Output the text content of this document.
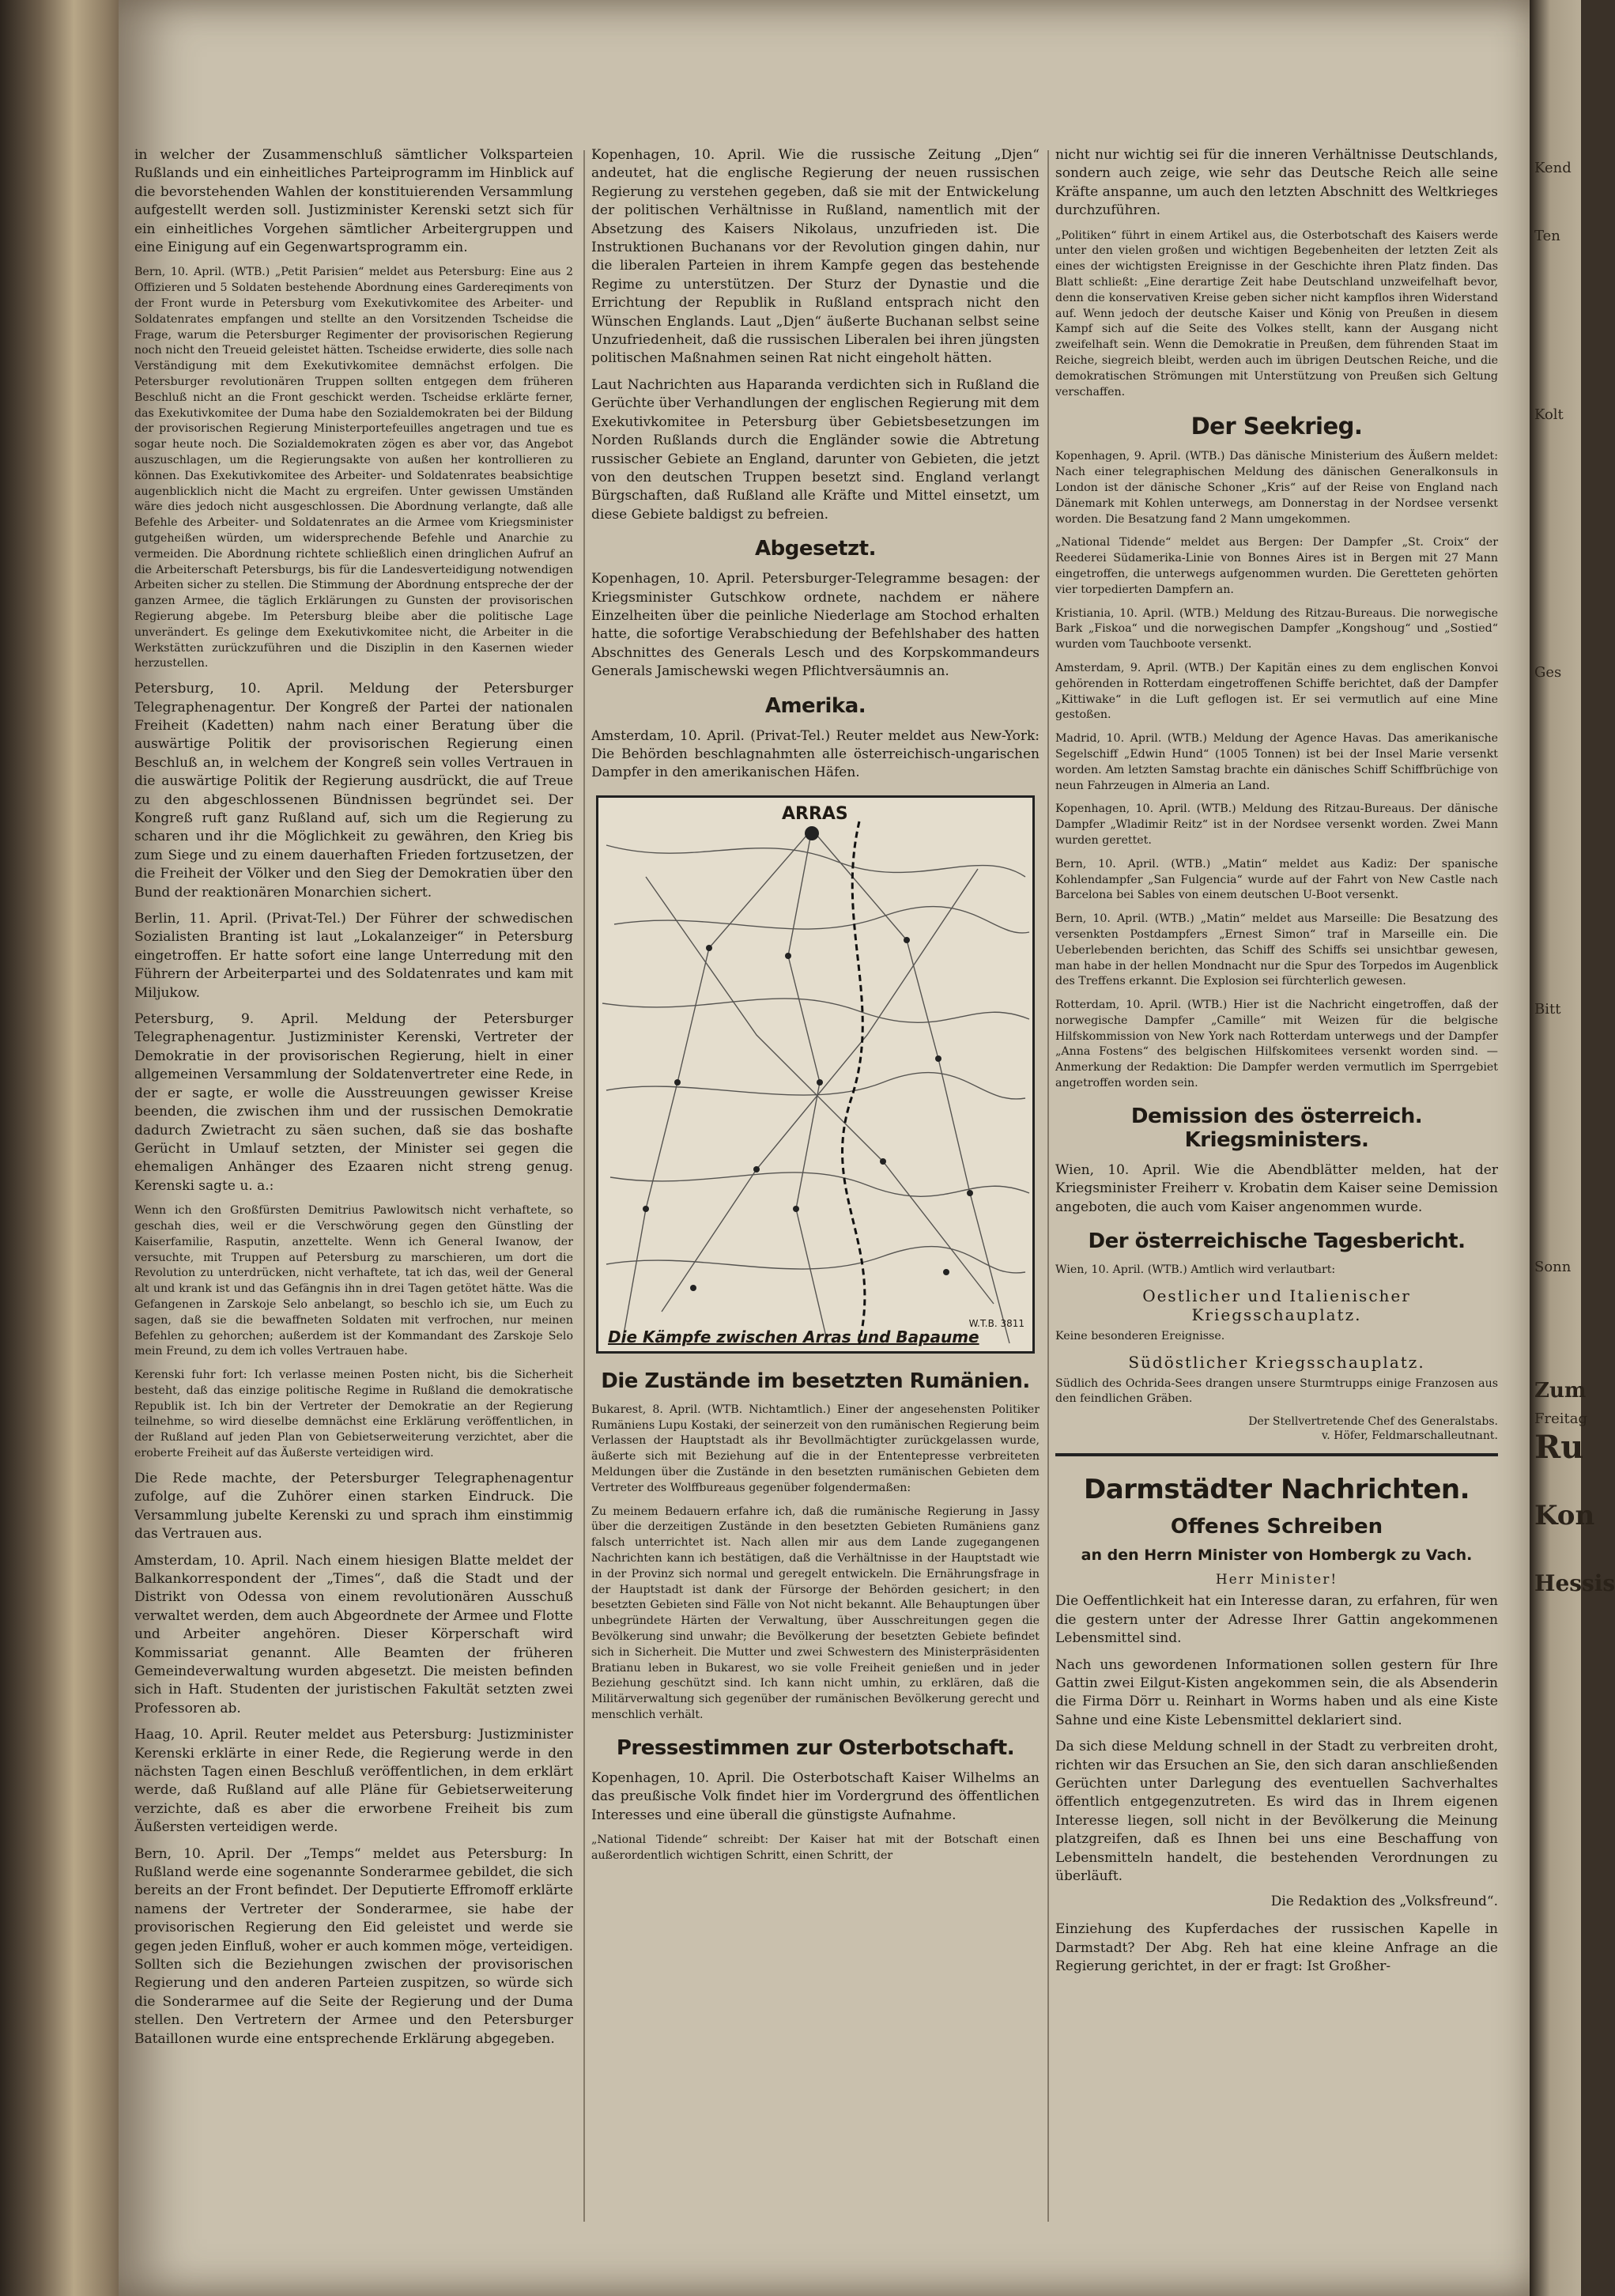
in welcher der Zusammenschluß sämtlicher Volksparteien Rußlands und ein einheitliches Parteiprogramm im Hinblick auf die bevorstehenden Wahlen der konstituierenden Versammlung aufgestellt werden soll. Justizminister Kerenski setzt sich für ein einheitliches Vorgehen sämtlicher Arbeitergruppen und eine Einigung auf ein Gegenwartsprogramm ein.

Bern, 10. April. (WTB.) „Petit Parisien“ meldet aus Petersburg: Eine aus 2 Offizieren und 5 Soldaten bestehende Abordnung eines Gardereqiments von der Front wurde in Petersburg vom Exekutivkomitee des Arbeiter- und Soldatenrates empfangen und stellte an den Vorsitzenden Tscheidse die Frage, warum die Petersburger Regimenter der provisorischen Regierung noch nicht den Treueid geleistet hätten. Tscheidse erwiderte, dies solle nach Verständigung mit dem Exekutivkomitee demnächst erfolgen. Die Petersburger revolutionären Truppen sollten entgegen dem früheren Beschluß nicht an die Front geschickt werden. Tscheidse erklärte ferner, das Exekutivkomitee der Duma habe den Sozialdemokraten bei der Bildung der provisorischen Regierung Ministerportefeuilles angetragen und tue es sogar heute noch. Die Sozialdemokraten zögen es aber vor, das Angebot auszuschlagen, um die Regierungsakte von außen her kontrollieren zu können. Das Exekutivkomitee des Arbeiter- und Soldatenrates beabsichtige augenblicklich nicht die Macht zu ergreifen. Unter gewissen Umständen wäre dies jedoch nicht ausgeschlossen. Die Abordnung verlangte, daß alle Befehle des Arbeiter- und Soldatenrates an die Armee vom Kriegsminister gutgeheißen würden, um widersprechende Befehle und Anarchie zu vermeiden. Die Abordnung richtete schließlich einen dringlichen Aufruf an die Arbeiterschaft Petersburgs, bis für die Landesverteidigung notwendigen Arbeiten sicher zu stellen. Die Stimmung der Abordnung entspreche der der ganzen Armee, die täglich Erklärungen zu Gunsten der provisorischen Regierung abgebe. Im Petersburg bleibe aber die politische Lage unverändert. Es gelinge dem Exekutivkomitee nicht, die Arbeiter in die Werkstätten zurückzuführen und die Disziplin in den Kasernen wieder herzustellen.

Petersburg, 10. April. Meldung der Petersburger Telegraphenagentur. Der Kongreß der Partei der nationalen Freiheit (Kadetten) nahm nach einer Beratung über die auswärtige Politik der provisorischen Regierung einen Beschluß an, in welchem der Kongreß sein volles Vertrauen in die auswärtige Politik der Regierung ausdrückt, die auf Treue zu den abgeschlossenen Bündnissen begründet sei. Der Kongreß ruft ganz Rußland auf, sich um die Regierung zu scharen und ihr die Möglichkeit zu gewähren, den Krieg bis zum Siege und zu einem dauerhaften Frieden fortzusetzen, der die Freiheit der Völker und den Sieg der Demokratien über den Bund der reaktionären Monarchien sichert.

Berlin, 11. April. (Privat-Tel.) Der Führer der schwedischen Sozialisten Branting ist laut „Lokalanzeiger“ in Petersburg eingetroffen. Er hatte sofort eine lange Unterredung mit den Führern der Arbeiterpartei und des Soldatenrates und kam mit Miljukow.

Petersburg, 9. April. Meldung der Petersburger Telegraphenagentur. Justizminister Kerenski, Vertreter der Demokratie in der provisorischen Regierung, hielt in einer allgemeinen Versammlung der Soldatenvertreter eine Rede, in der er sagte, er wolle die Ausstreuungen gewisser Kreise beenden, die zwischen ihm und der russischen Demokratie dadurch Zwietracht zu säen suchen, daß sie das boshafte Gerücht in Umlauf setzten, der Minister sei gegen die ehemaligen Anhänger des Ezaaren nicht streng genug. Kerenski sagte u. a.:

Wenn ich den Großfürsten Demitrius Pawlowitsch nicht verhaftete, so geschah dies, weil er die Verschwörung gegen den Günstling der Kaiserfamilie, Rasputin, anzettelte. Wenn ich General Iwanow, der versuchte, mit Truppen auf Petersburg zu marschieren, um dort die Revolution zu unterdrücken, nicht verhaftete, tat ich das, weil der General alt und krank ist und das Gefängnis ihn in drei Tagen getötet hätte. Was die Gefangenen in Zarskoje Selo anbelangt, so beschlo ich sie, um Euch zu sagen, daß sie die bewaffneten Soldaten mit verfrochen, nur meinen Befehlen zu gehorchen; außerdem ist der Kommandant des Zarskoje Selo mein Freund, zu dem ich volles Vertrauen habe.

Kerenski fuhr fort: Ich verlasse meinen Posten nicht, bis die Sicherheit besteht, daß das einzige politische Regime in Rußland die demokratische Republik ist. Ich bin der Vertreter der Demokratie an der Regierung teilnehme, so wird dieselbe demnächst eine Erklärung veröffentlichen, in der Rußland auf jeden Plan von Gebietserweiterung verzichtet, aber die eroberte Freiheit auf das Äußerste verteidigen wird.

Die Rede machte, der Petersburger Telegraphenagentur zufolge, auf die Zuhörer einen starken Eindruck. Die Versammlung jubelte Kerenski zu und sprach ihm einstimmig das Vertrauen aus.

Amsterdam, 10. April. Nach einem hiesigen Blatte meldet der Balkankorrespondent der „Times“, daß die Stadt und der Distrikt von Odessa von einem revolutionären Ausschuß verwaltet werden, dem auch Abgeordnete der Armee und Flotte und Arbeiter angehören. Dieser Körperschaft wird Kommissariat genannt. Alle Beamten der früheren Gemeindeverwaltung wurden abgesetzt. Die meisten befinden sich in Haft. Studenten der juristischen Fakultät setzten zwei Professoren ab.

Haag, 10. April. Reuter meldet aus Petersburg: Justizminister Kerenski erklärte in einer Rede, die Regierung werde in den nächsten Tagen einen Beschluß veröffentlichen, in dem erklärt werde, daß Rußland auf alle Pläne für Gebietserweiterung verzichte, daß es aber die erworbene Freiheit bis zum Äußersten verteidigen werde.

Bern, 10. April. Der „Temps“ meldet aus Petersburg: In Rußland werde eine sogenannte Sonderarmee gebildet, die sich bereits an der Front befindet. Der Deputierte Effromoff erklärte namens der Vertreter der Sonderarmee, sie habe der provisorischen Regierung den Eid geleistet und werde sie gegen jeden Einfluß, woher er auch kommen möge, verteidigen. Sollten sich die Beziehungen zwischen der provisorischen Regierung und den anderen Parteien zuspitzen, so würde sich die Sonderarmee auf die Seite der Regierung und der Duma stellen. Den Vertretern der Armee und den Petersburger Bataillonen wurde eine entsprechende Erklärung abgegeben.

Kopenhagen, 10. April. Wie die russische Zeitung „Djen“ andeutet, hat die englische Regierung der neuen russischen Regierung zu verstehen gegeben, daß sie mit der Entwickelung der politischen Verhältnisse in Rußland, namentlich mit der Absetzung des Kaisers Nikolaus, unzufrieden ist. Die Instruktionen Buchanans vor der Revolution gingen dahin, nur die liberalen Parteien in ihrem Kampfe gegen das bestehende Regime zu unterstützen. Der Sturz der Dynastie und die Errichtung der Republik in Rußland entsprach nicht den Wünschen Englands. Laut „Djen“ äußerte Buchanan selbst seine Unzufriedenheit, daß die russischen Liberalen bei ihren jüngsten politischen Maßnahmen seinen Rat nicht eingeholt hätten.

Laut Nachrichten aus Haparanda verdichten sich in Rußland die Gerüchte über Verhandlungen der englischen Regierung mit dem Exekutivkomitee in Petersburg über Gebietsbesetzungen im Norden Rußlands durch die Engländer sowie die Abtretung russischer Gebiete an England, darunter von Gebieten, die jetzt von den deutschen Truppen besetzt sind. England verlangt Bürgschaften, daß Rußland alle Kräfte und Mittel einsetzt, um diese Gebiete baldigst zu befreien.

Abgesetzt.

Kopenhagen, 10. April. Petersburger-Telegramme besagen: der Kriegsminister Gutschkow ordnete, nachdem er nähere Einzelheiten über die peinliche Niederlage am Stochod erhalten hatte, die sofortige Verabschiedung der Befehlshaber des hatten Abschnittes des Generals Lesch und des Korpskommandeurs Generals Jamischewski wegen Pflichtversäumnis an.

Amerika.

Amsterdam, 10. April. (Privat-Tel.) Reuter meldet aus New-York: Die Behörden beschlagnahmten alle österreichisch-ungarischen Dampfer in den amerikanischen Häfen.

ARRAS
W.T.B. 3811
Die Kämpfe zwischen Arras und Bapaume
Die Zustände im besetzten Rumänien.

Bukarest, 8. April. (WTB. Nichtamtlich.) Einer der angesehensten Politiker Rumäniens Lupu Kostaki, der seinerzeit von den rumänischen Regierung beim Verlassen der Hauptstadt als ihr Bevollmächtigter zurückgelassen wurde, äußerte sich mit Beziehung auf die in der Ententepresse verbreiteten Meldungen über die Zustände in den besetzten rumänischen Gebieten dem Vertreter des Wolffbureaus gegenüber folgendermaßen:

Zu meinem Bedauern erfahre ich, daß die rumänische Regierung in Jassy über die derzeitigen Zustände in den besetzten Gebieten Rumäniens ganz falsch unterrichtet ist. Nach allen mir aus dem Lande zugegangenen Nachrichten kann ich bestätigen, daß die Verhältnisse in der Hauptstadt wie in der Provinz sich normal und geregelt entwickeln. Die Ernährungsfrage in der Hauptstadt ist dank der Fürsorge der Behörden gesichert; in den besetzten Gebieten sind Fälle von Not nicht bekannt. Alle Behauptungen über unbegründete Härten der Verwaltung, über Ausschreitungen gegen die Bevölkerung sind unwahr; die Bevölkerung der besetzten Gebiete befindet sich in Sicherheit. Die Mutter und zwei Schwestern des Ministerpräsidenten Bratianu leben in Bukarest, wo sie volle Freiheit genießen und in jeder Beziehung geschützt sind. Ich kann nicht umhin, zu erklären, daß die Militärverwaltung sich gegenüber der rumänischen Bevölkerung gerecht und menschlich verhält.

Pressestimmen zur Osterbotschaft.

Kopenhagen, 10. April. Die Osterbotschaft Kaiser Wilhelms an das preußische Volk findet hier im Vordergrund des öffentlichen Interesses und eine überall die günstigste Aufnahme.

„National Tidende“ schreibt: Der Kaiser hat mit der Botschaft einen außerordentlich wichtigen Schritt, einen Schritt, der

nicht nur wichtig sei für die inneren Verhältnisse Deutschlands, sondern auch zeige, wie sehr das Deutsche Reich alle seine Kräfte anspanne, um auch den letzten Abschnitt des Weltkrieges durchzuführen.

„Politiken“ führt in einem Artikel aus, die Osterbotschaft des Kaisers werde unter den vielen großen und wichtigen Begebenheiten der letzten Zeit als eines der wichtigsten Ereignisse in der Geschichte ihren Platz finden. Das Blatt schließt: „Eine derartige Zeit habe Deutschland unzweifelhaft bevor, denn die konservativen Kreise geben sicher nicht kampflos ihren Widerstand auf. Wenn jedoch der deutsche Kaiser und König von Preußen in diesem Kampf sich auf die Seite des Volkes stellt, kann der Ausgang nicht zweifelhaft sein. Wenn die Demokratie in Preußen, dem führenden Staat im Reiche, siegreich bleibt, werden auch im übrigen Deutschen Reiche, und die demokratischen Strömungen mit Unterstützung von Preußen sich Geltung verschaffen.

Der Seekrieg.

Kopenhagen, 9. April. (WTB.) Das dänische Ministerium des Äußern meldet: Nach einer telegraphischen Meldung des dänischen Generalkonsuls in London ist der dänische Schoner „Kris“ auf der Reise von England nach Dänemark mit Kohlen unterwegs, am Donnerstag in der Nordsee versenkt worden. Die Besatzung fand 2 Mann umgekommen.

„National Tidende“ meldet aus Bergen: Der Dampfer „St. Croix“ der Reederei Südamerika-Linie von Bonnes Aires ist in Bergen mit 27 Mann eingetroffen, die unterwegs aufgenommen wurden. Die Geretteten gehörten vier torpedierten Dampfern an.

Kristiania, 10. April. (WTB.) Meldung des Ritzau-Bureaus. Die norwegische Bark „Fiskoa“ und die norwegischen Dampfer „Kongshoug“ und „Sostied“ wurden vom Tauchboote versenkt.

Amsterdam, 9. April. (WTB.) Der Kapitän eines zu dem englischen Konvoi gehörenden in Rotterdam eingetroffenen Schiffe berichtet, daß der Dampfer „Kittiwake“ in die Luft geflogen ist. Er sei vermutlich auf eine Mine gestoßen.

Madrid, 10. April. (WTB.) Meldung der Agence Havas. Das amerikanische Segelschiff „Edwin Hund“ (1005 Tonnen) ist bei der Insel Marie versenkt worden. Am letzten Samstag brachte ein dänisches Schiff Schiffbrüchige von neun Fahrzeugen in Almeria an Land.

Kopenhagen, 10. April. (WTB.) Meldung des Ritzau-Bureaus. Der dänische Dampfer „Wladimir Reitz“ ist in der Nordsee versenkt worden. Zwei Mann wurden gerettet.

Bern, 10. April. (WTB.) „Matin“ meldet aus Kadiz: Der spanische Kohlendampfer „San Fulgencia“ wurde auf der Fahrt von New Castle nach Barcelona bei Sables von einem deutschen U-Boot versenkt.

Bern, 10. April. (WTB.) „Matin“ meldet aus Marseille: Die Besatzung des versenkten Postdampfers „Ernest Simon“ traf in Marseille ein. Die Ueberlebenden berichten, das Schiff des Schiffs sei unsichtbar gewesen, man habe in der hellen Mondnacht nur die Spur des Torpedos im Augenblick des Treffens erkannt. Die Explosion sei fürchterlich gewesen.

Rotterdam, 10. April. (WTB.) Hier ist die Nachricht eingetroffen, daß der norwegische Dampfer „Camille“ mit Weizen für die belgische Hilfskommission von New York nach Rotterdam unterwegs und der Dampfer „Anna Fostens“ des belgischen Hilfskomitees versenkt worden sind. — Anmerkung der Redaktion: Die Dampfer werden vermutlich im Sperrgebiet angetroffen worden sein.

Demission des österreich. Kriegsministers.

Wien, 10. April. Wie die Abendblätter melden, hat der Kriegsminister Freiherr v. Krobatin dem Kaiser seine Demission angeboten, die auch vom Kaiser angenommen wurde.

Der österreichische Tagesbericht.

Wien, 10. April. (WTB.) Amtlich wird verlautbart:

Oestlicher und Italienischer Kriegsschauplatz.

Keine besonderen Ereignisse.

Südöstlicher Kriegsschauplatz.

Südlich des Ochrida-Sees drangen unsere Sturmtrupps einige Franzosen aus den feindlichen Gräben.

Der Stellvertretende Chef des Generalstabs.
v. Höfer, Feldmarschalleutnant.
Darmstädter Nachrichten.
Offenes Schreiben
an den Herrn Minister von Hombergk zu Vach.
Herr Minister!

Die Oeffentlichkeit hat ein Interesse daran, zu erfahren, für wen die gestern unter der Adresse Ihrer Gattin angekommenen Lebensmittel sind.

Nach uns gewordenen Informationen sollen gestern für Ihre Gattin zwei Eilgut-Kisten angekommen sein, die als Absenderin die Firma Dörr u. Reinhart in Worms haben und als eine Kiste Sahne und eine Kiste Lebensmittel deklariert sind.

Da sich diese Meldung schnell in der Stadt zu verbreiten droht, richten wir das Ersuchen an Sie, den sich daran anschließenden Gerüchten unter Darlegung des eventuellen Sachverhaltes öffentlich entgegenzutreten. Es wird das in Ihrem eigenen Interesse liegen, soll nicht in der Bevölkerung die Meinung platzgreifen, daß es Ihnen bei uns eine Beschaffung von Lebensmitteln handelt, die bestehenden Verordnungen zu überläuft.

Die Redaktion des „Volksfreund“.

Einziehung des Kupferdaches der russischen Kapelle in Darmstadt? Der Abg. Reh hat eine kleine Anfrage an die Regierung gerichtet, in der er fragt: Ist Großher-

Kend
Ten
Kolt
Ges
Bitt
Sonn
Zum
Freitag
Ru
Kon
Hessis
